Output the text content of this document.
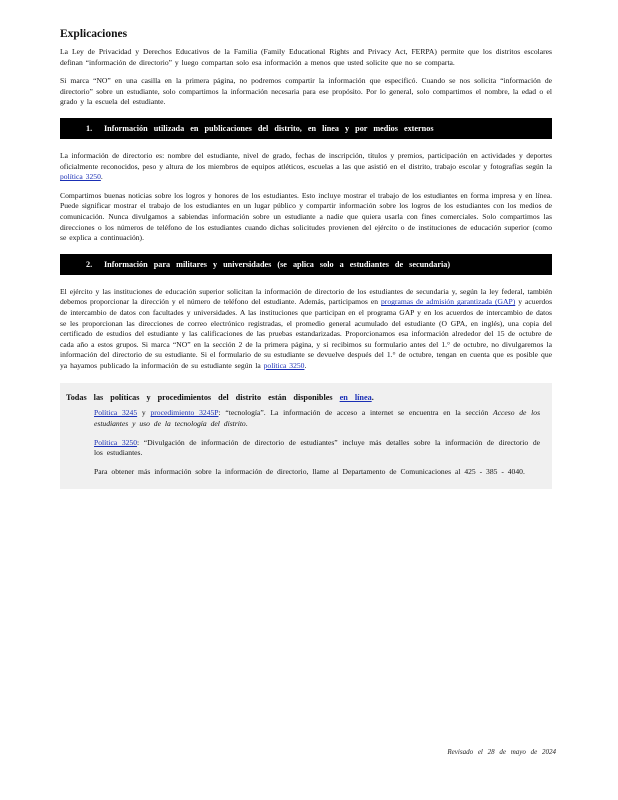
Explicaciones

La Ley de Privacidad y Derechos Educativos de la Familia (Family Educational Rights and Privacy Act, FERPA) permite que los distritos escolares definan “información de directorio” y luego compartan solo esa información a menos que usted solicite que no se comparta.

Si marca “NO” en una casilla en la primera página, no podremos compartir la información que especificó. Cuando se nos solicita “información de directorio” sobre un estudiante, solo compartimos la información necesaria para ese propósito. Por lo general, solo compartimos el nombre, la edad o el grado y la escuela del estudiante.

1.	Información utilizada en publicaciones del distrito, en línea y por medios externos

La información de directorio es: nombre del estudiante, nivel de grado, fechas de inscripción, títulos y premios, participación en actividades y deportes oficialmente reconocidos, peso y altura de los miembros de equipos atléticos, escuelas a las que asistió en el distrito, trabajo escolar y fotografías según la política 3250.

Compartimos buenas noticias sobre los logros y honores de los estudiantes. Esto incluye mostrar el trabajo de los estudiantes en forma impresa y en línea. Puede significar mostrar el trabajo de los estudiantes en un lugar público y compartir información sobre los logros de los estudiantes con los medios de comunicación. Nunca divulgamos a sabiendas información sobre un estudiante a nadie que quiera usarla con fines comerciales. Solo compartimos las direcciones o los números de teléfono de los estudiantes cuando dichas solicitudes provienen del ejército o de instituciones de educación superior (como se explica a continuación).

2.	Información para militares y universidades (se aplica solo a estudiantes de secundaria)

El ejército y las instituciones de educación superior solicitan la información de directorio de los estudiantes de secundaria y, según la ley federal, también debemos proporcionar la dirección y el número de teléfono del estudiante. Además, participamos en programas de admisión garantizada (GAP) y acuerdos de intercambio de datos con facultades y universidades. A las instituciones que participan en el programa GAP y en los acuerdos de intercambio de datos se les proporcionan las direcciones de correo electrónico registradas, el promedio general acumulado del estudiante (O GPA, en inglés), una copia del certificado de estudios del estudiante y las calificaciones de las pruebas estandarizadas. Proporcionamos esa información alrededor del 15 de octubre de cada año a estos grupos. Si marca “NO” en la sección 2 de la primera página, y si recibimos su formulario antes del 1.° de octubre, no divulgaremos la información del directorio de su estudiante. Si el formulario de su estudiante se devuelve después del 1.° de octubre, tengan en cuenta que es posible que ya hayamos publicado la información de su estudiante según la política 3250.

Todas las políticas y procedimientos del distrito están disponibles en línea.
Política 3245 y procedimiento 3245P: “tecnología”. La información de acceso a internet se encuentra en la sección Acceso de los estudiantes y uso de la tecnología del distrito.
Política 3250: “Divulgación de información de directorio de estudiantes” incluye más detalles sobre la información de directorio de los estudiantes.
Para obtener más información sobre la información de directorio, llame al Departamento de Comunicaciones al 425 - 385 - 4040.
Revisado el 28 de mayo de 2024
